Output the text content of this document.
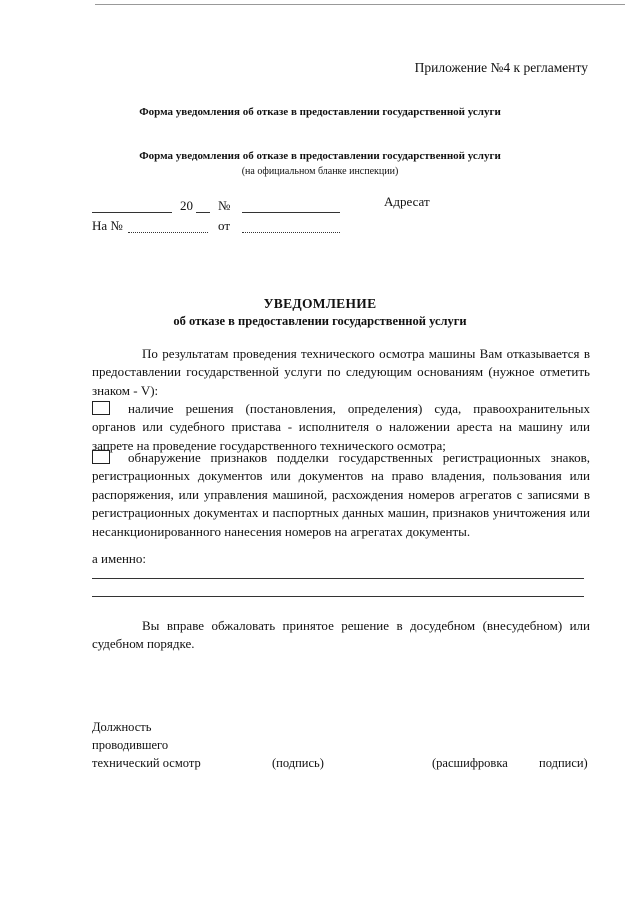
Приложение №4 к регламенту
Форма уведомления об отказе в предоставлении государственной услуги
Форма уведомления об отказе в предоставлении государственной услуги
(на официальном бланке инспекции)
20 №	Адресат
На №	от
УВЕДОМЛЕНИЕ
об отказе в предоставлении государственной услуги
По результатам проведения технического осмотра машины Вам отказывается в предоставлении государственной услуги по следующим основаниям (нужное отметить знаком - V):
наличие решения (постановления, определения) суда, правоохранительных органов или судебного пристава - исполнителя о наложении ареста на машину или запрете на проведение государственного технического осмотра;
обнаружение признаков подделки государственных регистрационных знаков, регистрационных документов или документов на право владения, пользования или распоряжения, или управления машиной, расхождения номеров агрегатов с записями в регистрационных документах и паспортных данных машин, признаков уничтожения или несанкционированного нанесения номеров на агрегатах документы.
а именно:
Вы вправе обжаловать принятое решение в досудебном (внесудебном) или судебном порядке.
Должность
проводившего
технический осмотр	(подпись)	(расшифровка подписи)
